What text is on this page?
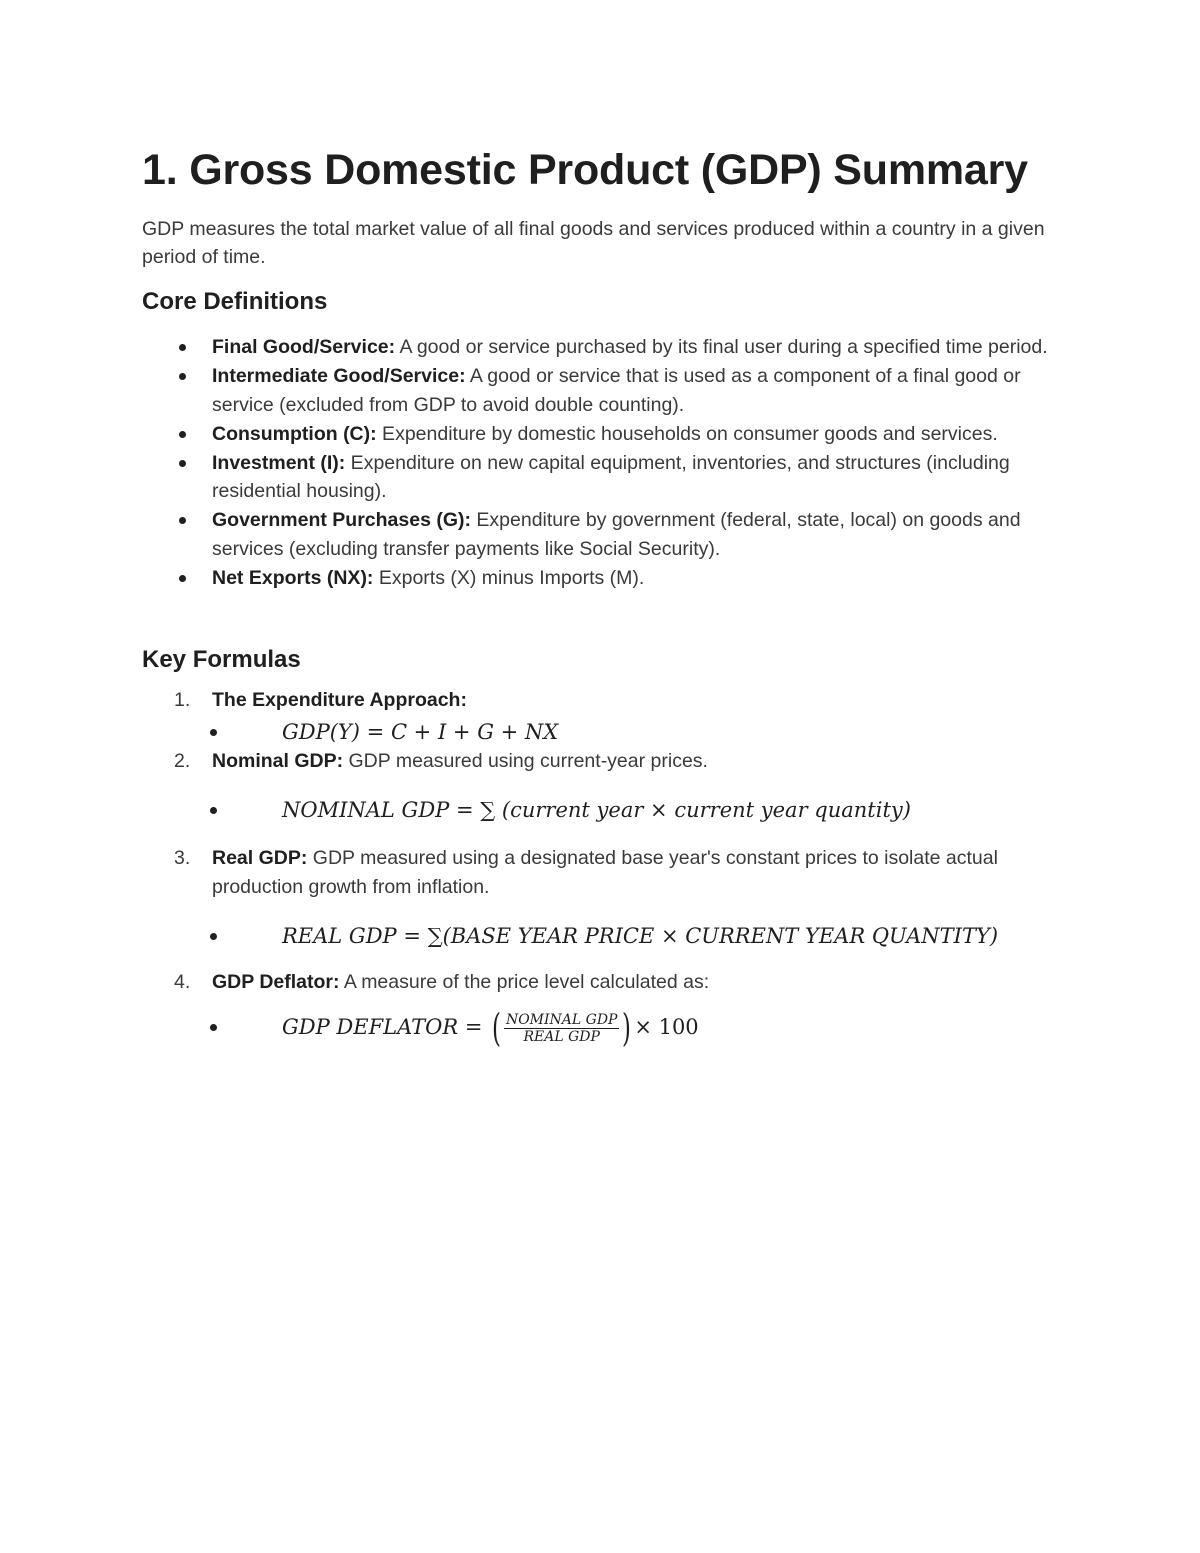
1. Gross Domestic Product (GDP) Summary

GDP measures the total market value of all final goods and services produced within a country in a given period of time.

Core Definitions
Final Good/Service: A good or service purchased by its final user during a specified time period.
Intermediate Good/Service: A good or service that is used as a component of a final good or service (excluded from GDP to avoid double counting).
Consumption (C): Expenditure by domestic households on consumer goods and services.
Investment (I): Expenditure on new capital equipment, inventories, and structures (including residential housing).
Government Purchases (G): Expenditure by government (federal, state, local) on goods and services (excluding transfer payments like Social Security).
Net Exports (NX): Exports (X) minus Imports (M).
Key Formulas
1. The Expenditure Approach:
GDP(Y) = C + I + G + NX
2. Nominal GDP: GDP measured using current-year prices.
NOMINAL GDP = ∑ (current year × current year quantity)
3. Real GDP: GDP measured using a designated base year's constant prices to isolate actual production growth from inflation.
REAL GDP = ∑(BASE YEAR PRICE × CURRENT YEAR QUANTITY)
4. GDP Deflator: A measure of the price level calculated as:
GDP DEFLATOR = ( $\frac{\text{NOMINAL GDP}}{\text{REAL GDP}}$ ) × 100
